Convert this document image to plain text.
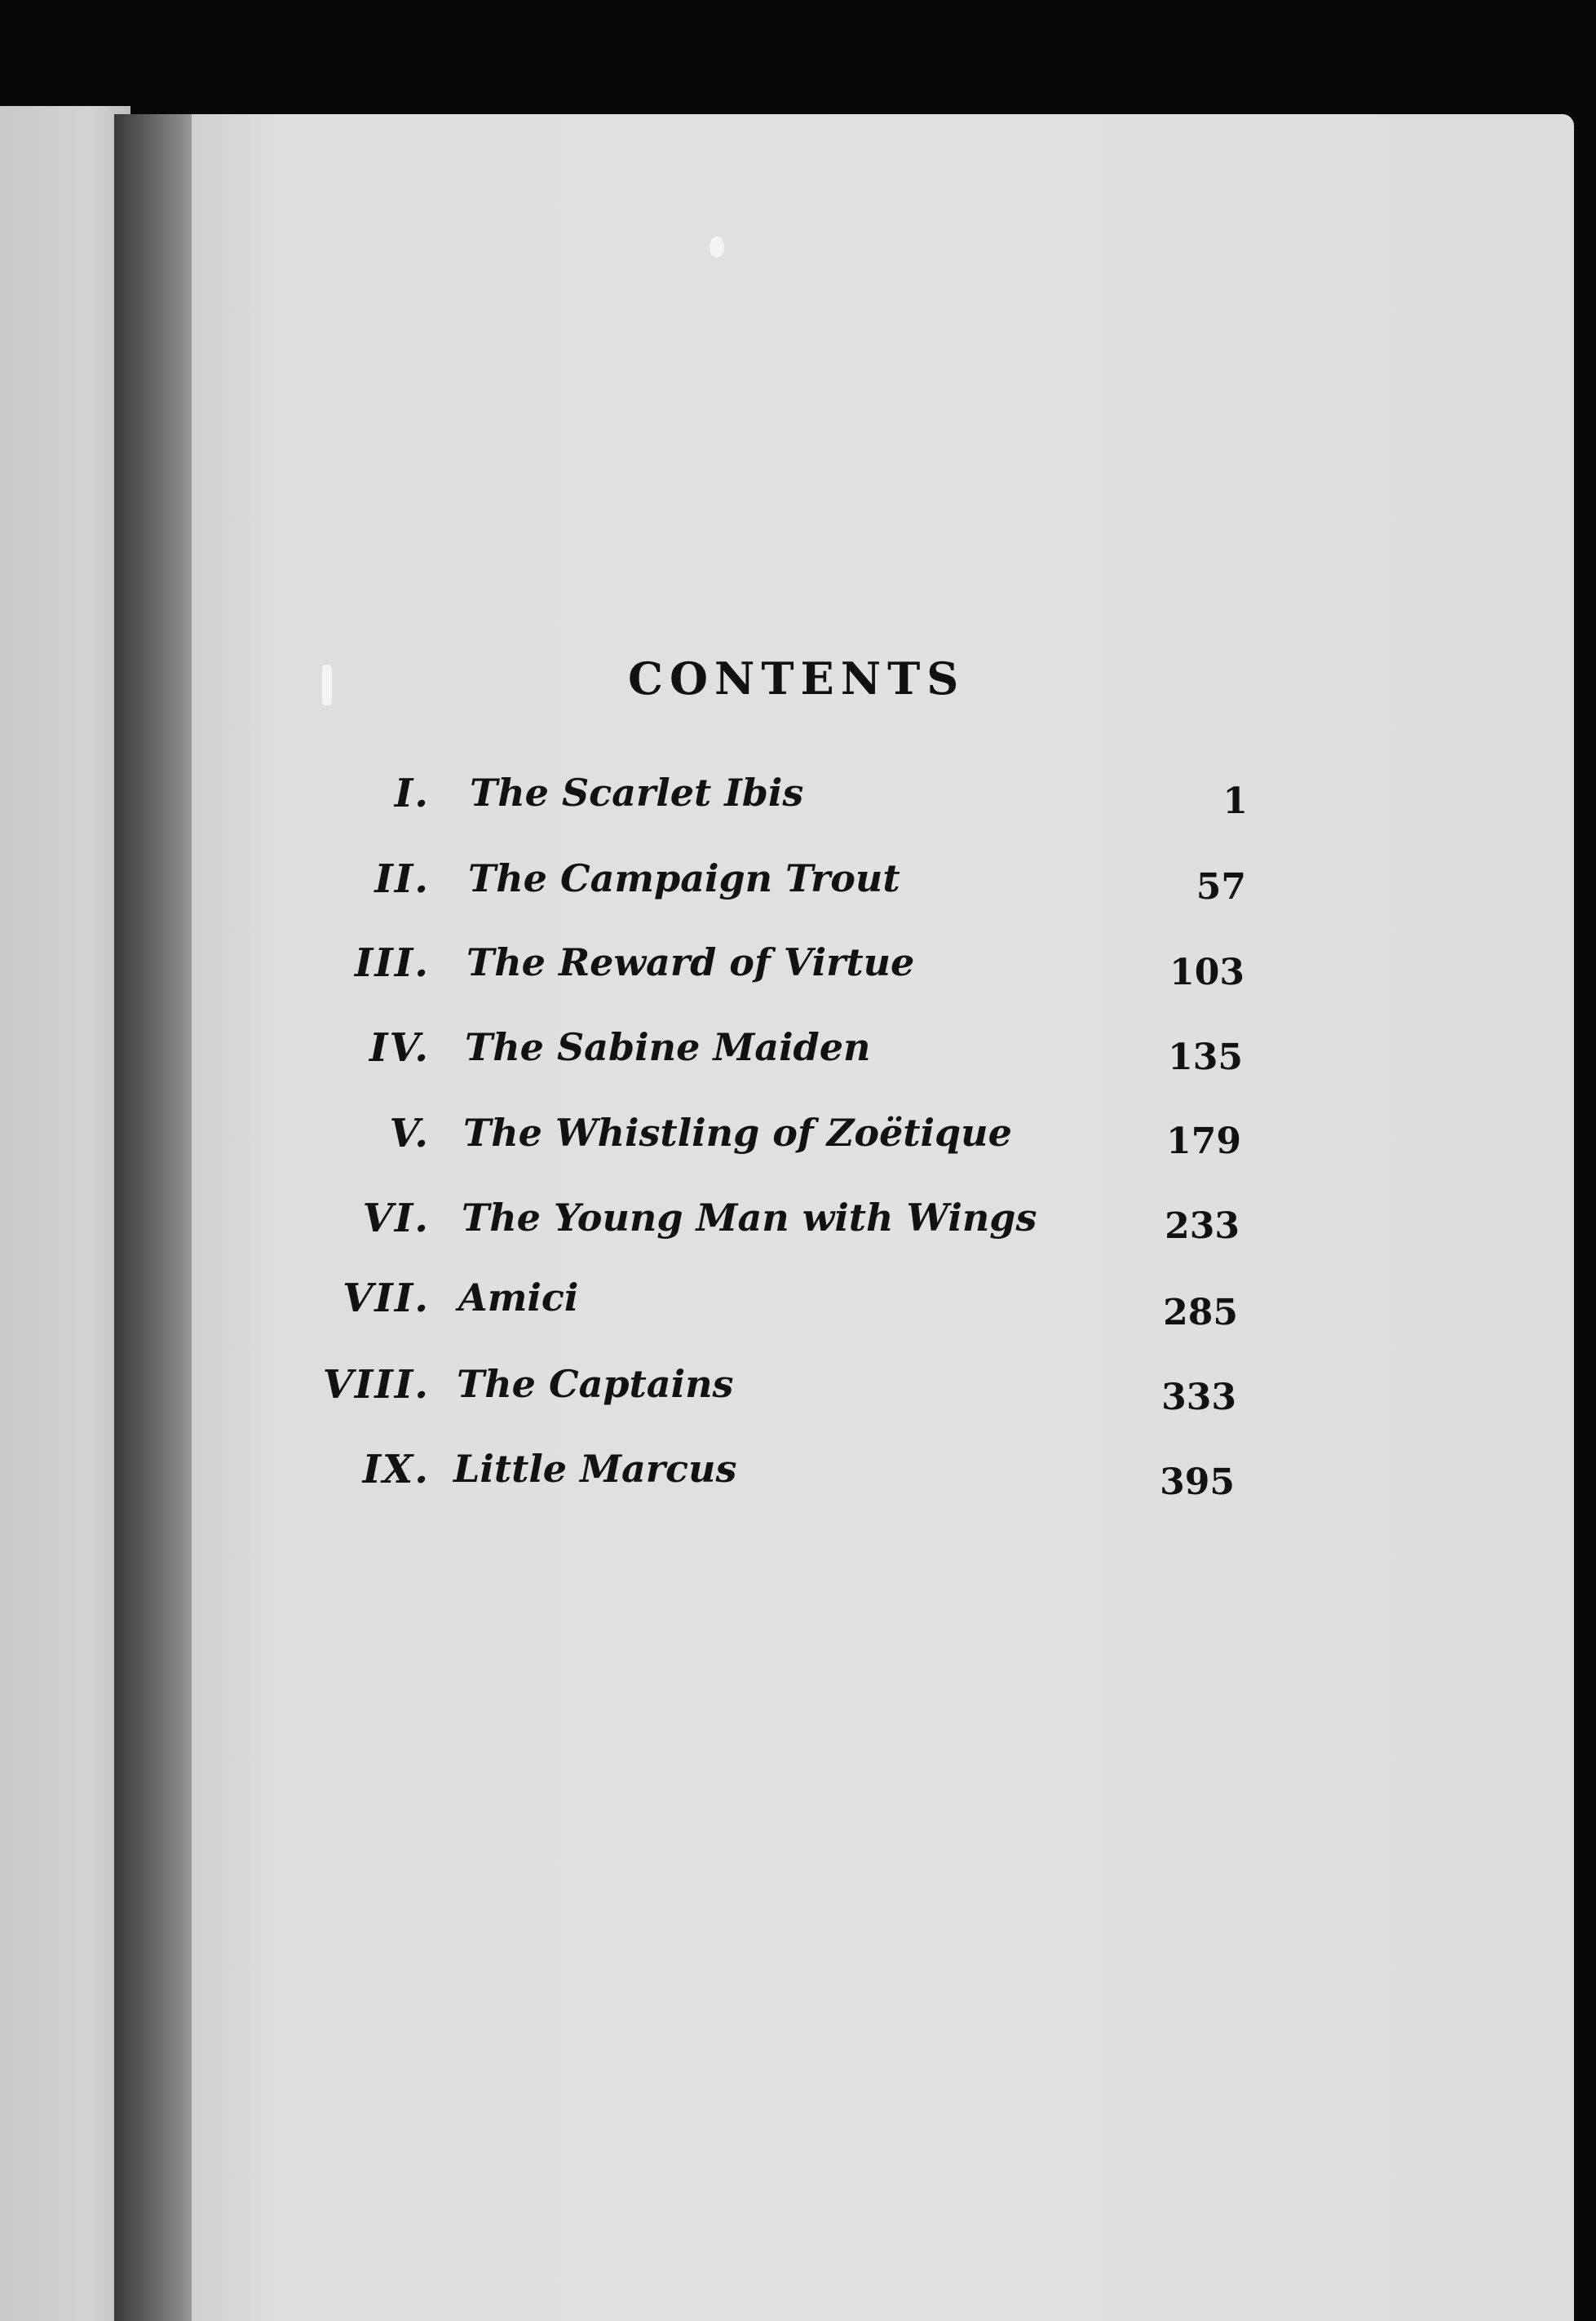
CONTENTS
I. The Scarlet Ibis	1
II. The Campaign Trout	57
III. The Reward of Virtue	103
IV. The Sabine Maiden	135
V. The Whistling of Zoëtique	179
VI. The Young Man with Wings	233
VII. Amici	285
VIII. The Captains	333
IX. Little Marcus	395
